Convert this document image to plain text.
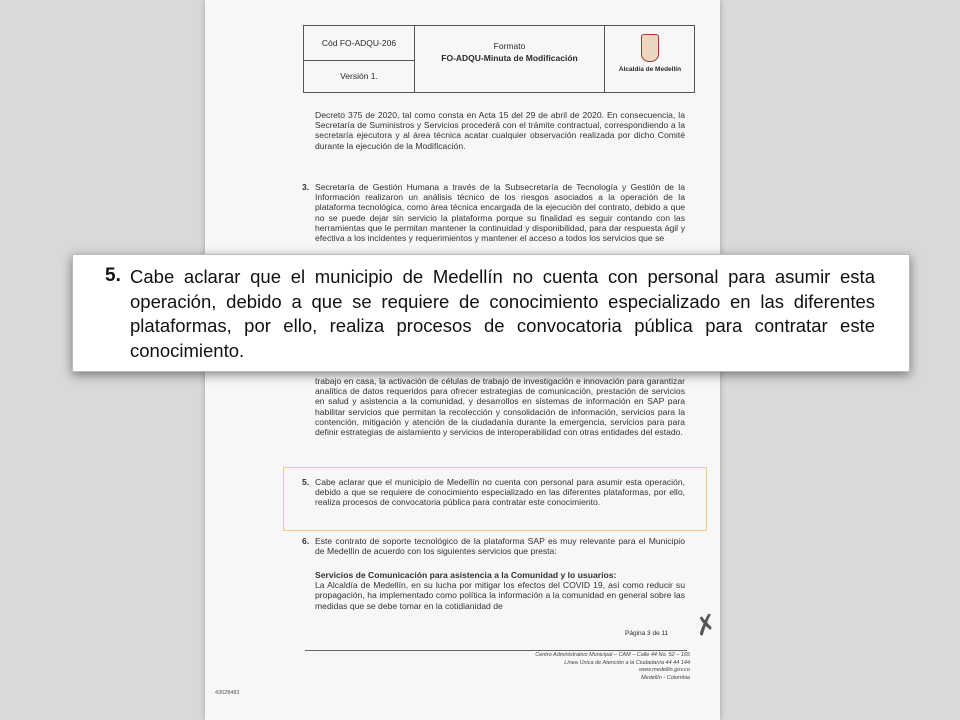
Cód FO-ADQU-206
Versión 1.
Formato
FO-ADQU-Minuta de Modificación
Alcaldía de Medellín
Decreto 375 de 2020, tal como consta en Acta 15 del 29 de abril de 2020. En consecuencia, la Secretaría de Suministros y Servicios procederá con el trámite contractual, correspondiendo a la secretaría ejecutora y al área técnica acatar cualquier observación realizada por dicho Comité durante la ejecución de la Modificación.
3. Secretaría de Gestión Humana a través de la Subsecretaría de Tecnología y Gestión de la Información realizaron un análisis técnico de los riesgos asociados a la operación de la plataforma tecnológica, como área técnica encargada de la ejecución del contrato, debido a que no se puede dejar sin servicio la plataforma porque su finalidad es seguir contando con las herramientas que le permitan mantener la continuidad y disponibilidad, para dar respuesta ágil y efectiva a los incidentes y requerimientos y mantener el acceso a todos los servicios que se
trabajo en casa, la activación de células de trabajo de investigación e innovación para garantizar analítica de datos requeridos para ofrecer estrategias de comunicación, prestación de servicios en salud y asistencia a la comunidad, y desarrollos en sistemas de información en SAP para habilitar servicios que permitan la recolección y consolidación de información, servicios para la contención, mitigación y atención de la ciudadanía durante la emergencia, servicios para para definir estrategias de aislamiento y servicios de interoperabilidad con otras entidades del estado.
5. Cabe aclarar que el municipio de Medellín no cuenta con personal para asumir esta operación, debido a que se requiere de conocimiento especializado en las diferentes plataformas, por ello, realiza procesos de convocatoria pública para contratar este conocimiento.
6. Este contrato de soporte tecnológico de la plataforma SAP es muy relevante para el Municipio de Medellín de acuerdo con los siguientes servicios que presta:
Servicios de Comunicación para asistencia a la Comunidad y lo usuarios:
La Alcaldía de Medellín, en su lucha por mitigar los efectos del COVID 19, así como reducir su propagación, ha implementado como política la información a la comunidad en general sobre las medidas que se debe tomar en la cotidianidad de
✗
Página 3 de 11
Centro Administrativo Municipal – CAM – Calle 44 No. 52 – 165
Línea Única de Atención a la Ciudadanía 44 44 144
www.medellin.gov.co
Medellín - Colombia
43628483
5. Cabe aclarar que el municipio de Medellín no cuenta con personal para asumir esta operación, debido a que se requiere de conocimiento especializado en las diferentes plataformas, por ello, realiza procesos de convocatoria pública para contratar este conocimiento.
